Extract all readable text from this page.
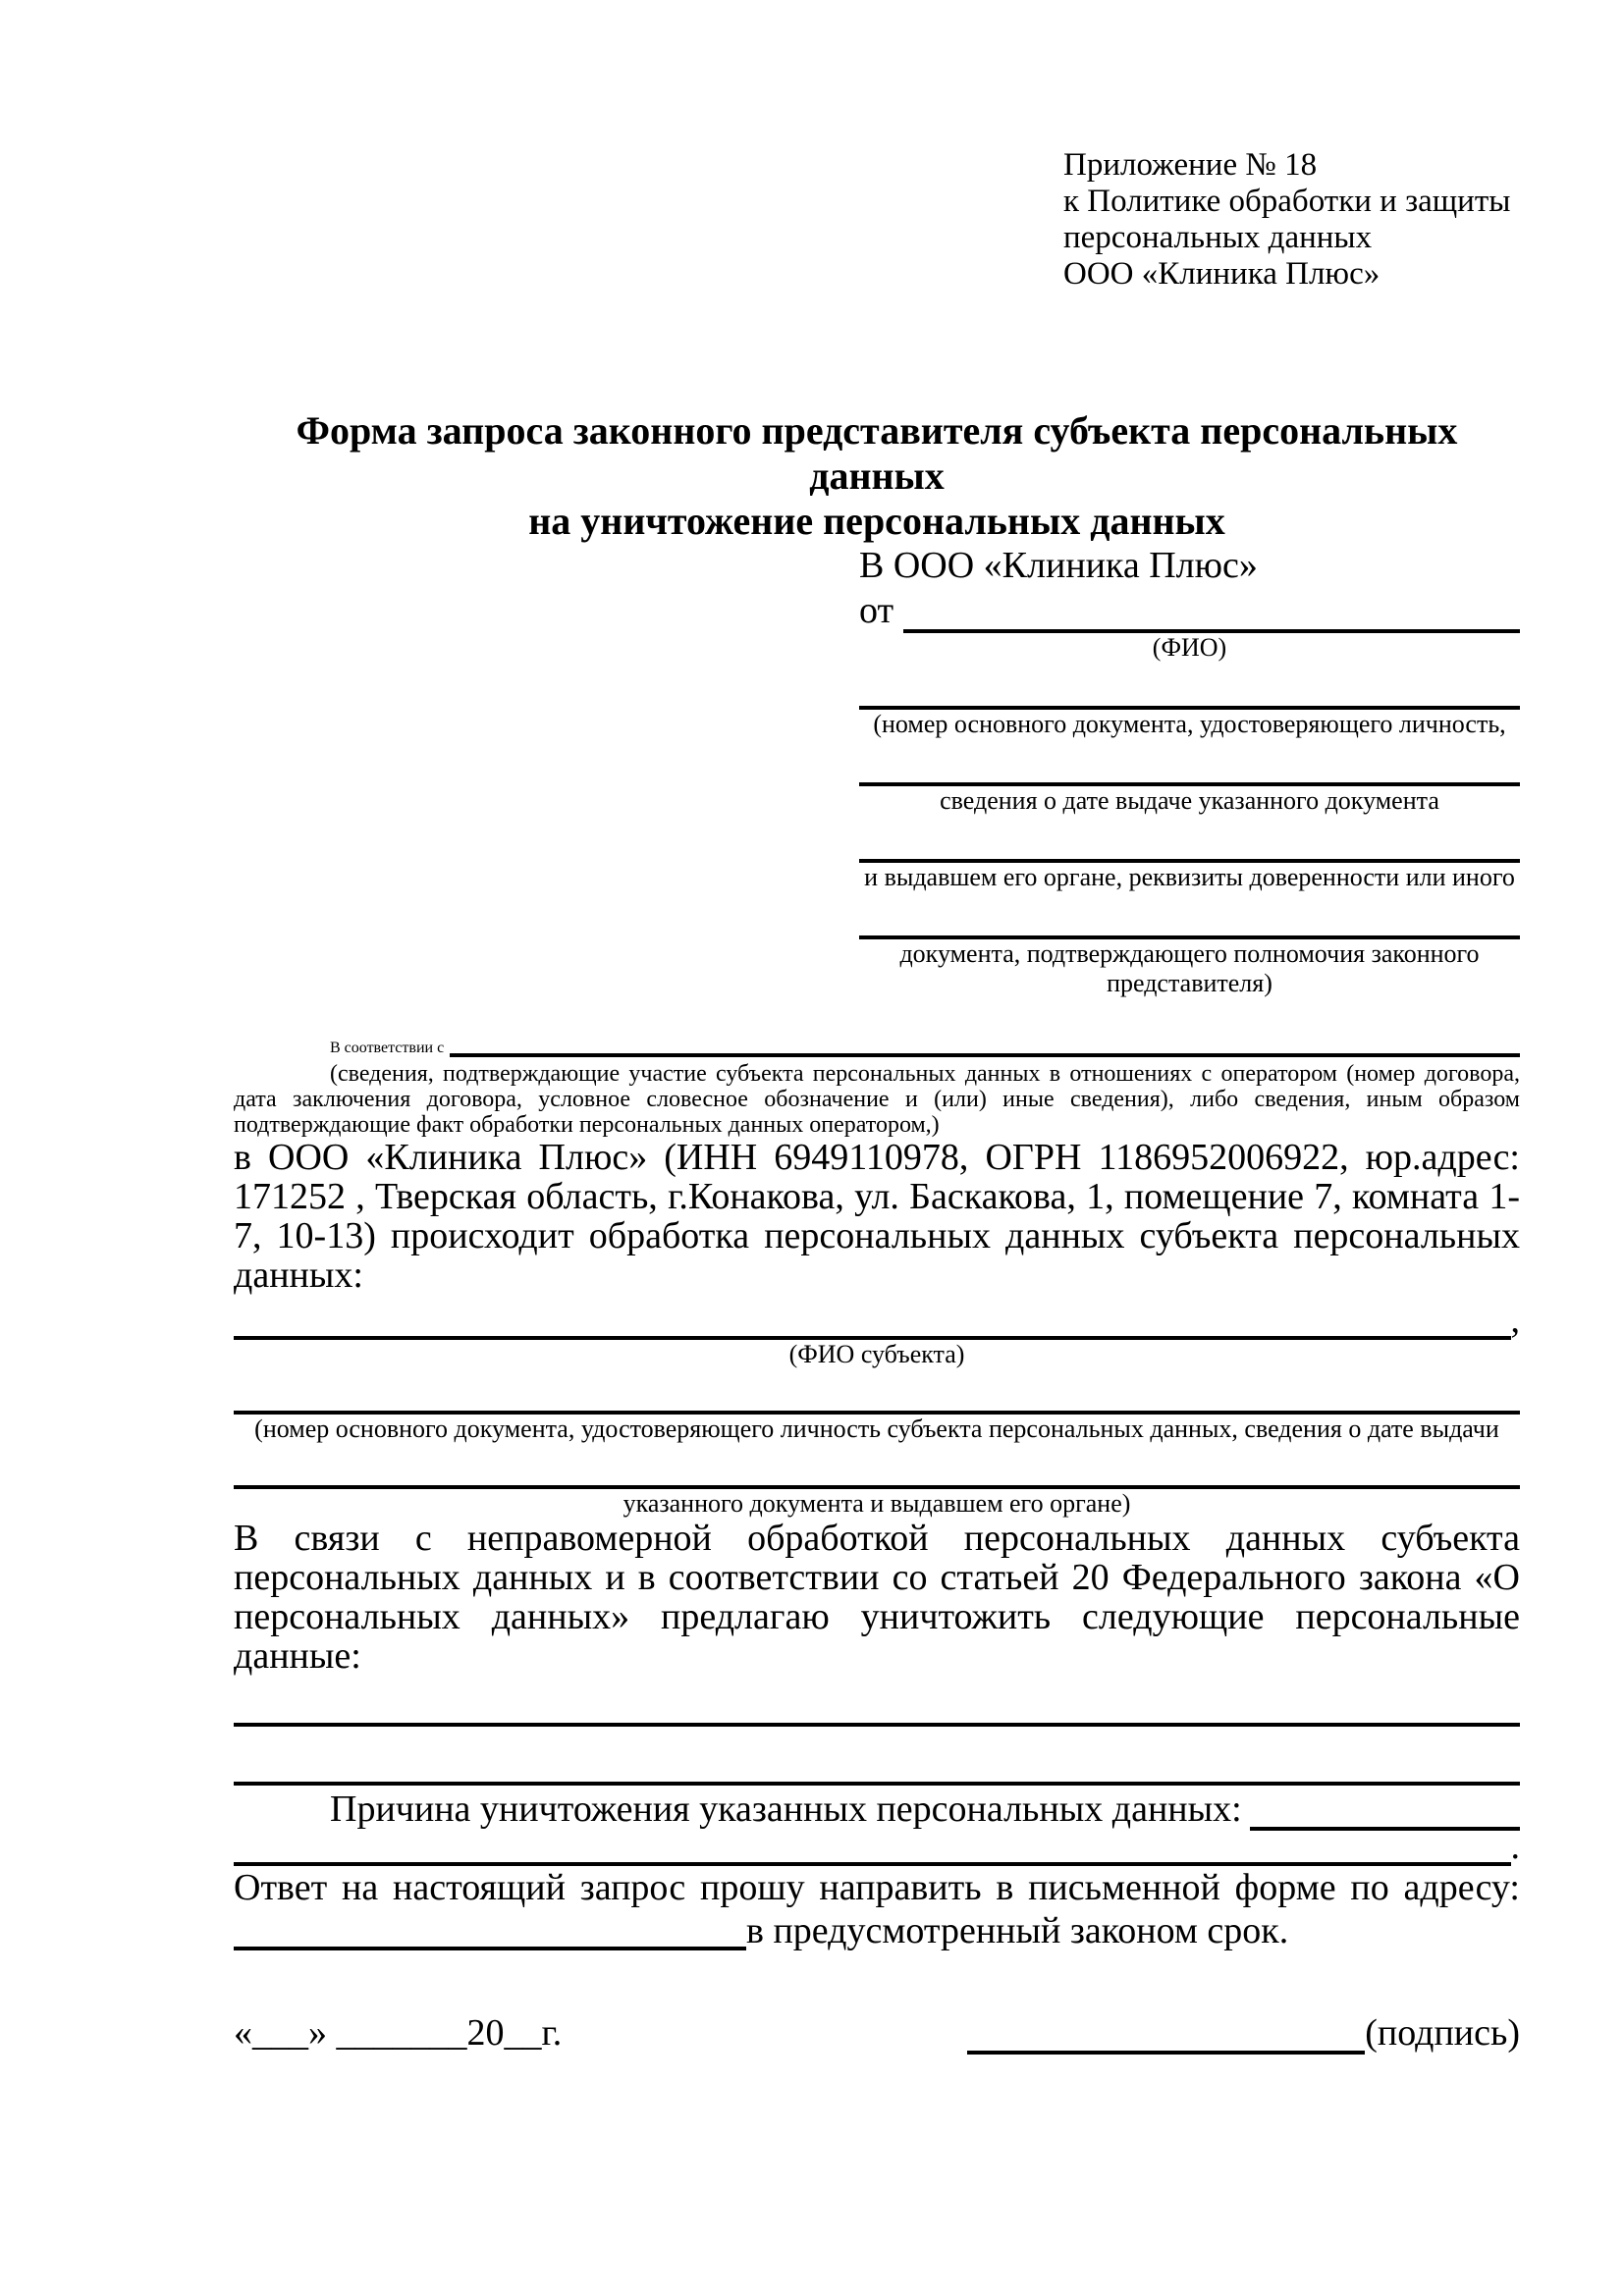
Приложение № 18
к Политике обработки и защиты
персональных данных
ООО «Клиника Плюс»
Форма запроса законного представителя субъекта персональных данных
на уничтожение персональных данных
В ООО «Клиника Плюс»
от
(ФИО)
(номер основного документа, удостоверяющего личность,
сведения о дате выдаче указанного документа
и выдавшем его органе, реквизиты доверенности или иного
документа, подтверждающего полномочия законного представителя)
В соответствии с
(сведения, подтверждающие участие субъекта персональных данных в отношениях с оператором (номер договора, дата заключения договора, условное словесное обозначение и (или) иные сведения), либо сведения, иным образом подтверждающие факт обработки персональных данных оператором,)

в ООО «Клиника Плюс» (ИНН 6949110978, ОГРН 1186952006922, юр.адрес: 171252 , Тверская область, г.Конакова, ул. Баскакова, 1, помещение 7, комната 1-7, 10-13) происходит обработка персональных данных субъекта персональных данных:

,
(ФИО субъекта)
(номер основного документа, удостоверяющего личность субъекта персональных данных, сведения о дате выдачи
указанного документа и выдавшем его органе)

В связи с неправомерной обработкой персональных данных субъекта персональных данных и в соответствии со статьей 20 Федерального закона «О персональных данных» предлагаю уничтожить следующие персональные данные:

Причина уничтожения указанных персональных данных:
.
Ответ на настоящий запрос прошу направить в письменной форме по адресу:
в предусмотренный законом срок.
«___» _______20__г.	(подпись)
